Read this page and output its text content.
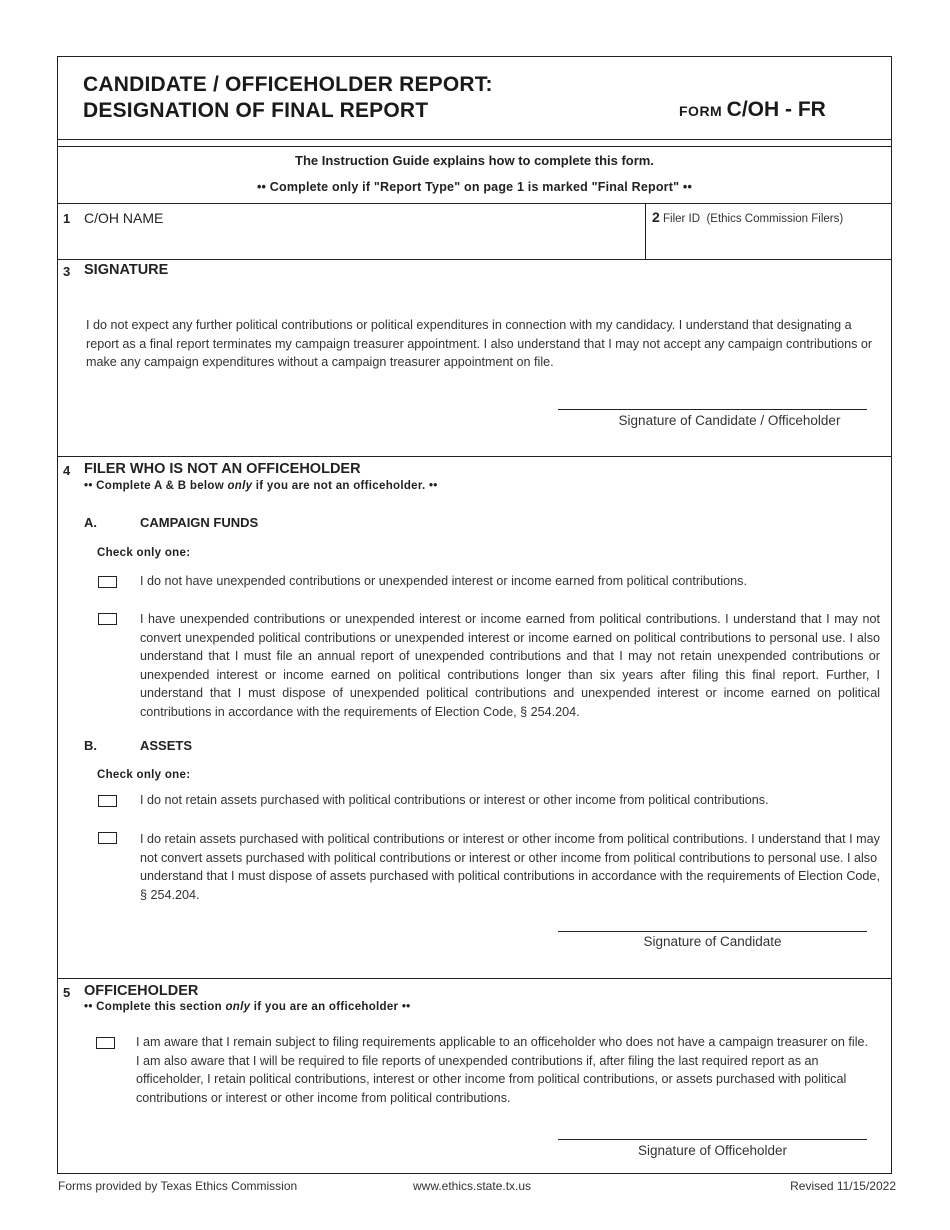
CANDIDATE / OFFICEHOLDER REPORT:
DESIGNATION OF FINAL REPORT	FORM C/OH - FR
The Instruction Guide explains how to complete this form.
•• Complete only if "Report Type" on page 1 is marked "Final Report" ••
1 C/OH NAME	2 Filer ID (Ethics Commission Filers)
3 SIGNATURE
I do not expect any further political contributions or political expenditures in connection with my candidacy. I understand that designating a report as a final report terminates my campaign treasurer appointment. I also understand that I may not accept any campaign contributions or make any campaign expenditures without a campaign treasurer appointment on file.
Signature of Candidate / Officeholder
4 FILER WHO IS NOT AN OFFICEHOLDER
•• Complete A & B below only if you are not an officeholder. ••
A.	CAMPAIGN FUNDS
Check only one:
I do not have unexpended contributions or unexpended interest or income earned from political contributions.
I have unexpended contributions or unexpended interest or income earned from political contributions. I understand that I may not convert unexpended political contributions or unexpended interest or income earned on political contributions to personal use. I also understand that I must file an annual report of unexpended contributions and that I may not retain unexpended contributions or unexpended interest or income earned on political contributions longer than six years after filing this final report. Further, I understand that I must dispose of unexpended political contributions and unexpended interest or income earned on political contributions in accordance with the requirements of Election Code, § 254.204.
B.	ASSETS
Check only one:
I do not retain assets purchased with political contributions or interest or other income from political contributions.
I do retain assets purchased with political contributions or interest or other income from political contributions. I understand that I may not convert assets purchased with political contributions or interest or other income from political contributions to personal use. I also understand that I must dispose of assets purchased with political contributions in accordance with the requirements of Election Code, § 254.204.
Signature of Candidate
5 OFFICEHOLDER
•• Complete this section only if you are an officeholder ••
I am aware that I remain subject to filing requirements applicable to an officeholder who does not have a campaign treasurer on file. I am also aware that I will be required to file reports of unexpended contributions if, after filing the last required report as an officeholder, I retain political contributions, interest or other income from political contributions, or assets purchased with political contributions or interest or other income from political contributions.
Signature of Officeholder
Forms provided by Texas Ethics Commission	www.ethics.state.tx.us	Revised 11/15/2022
